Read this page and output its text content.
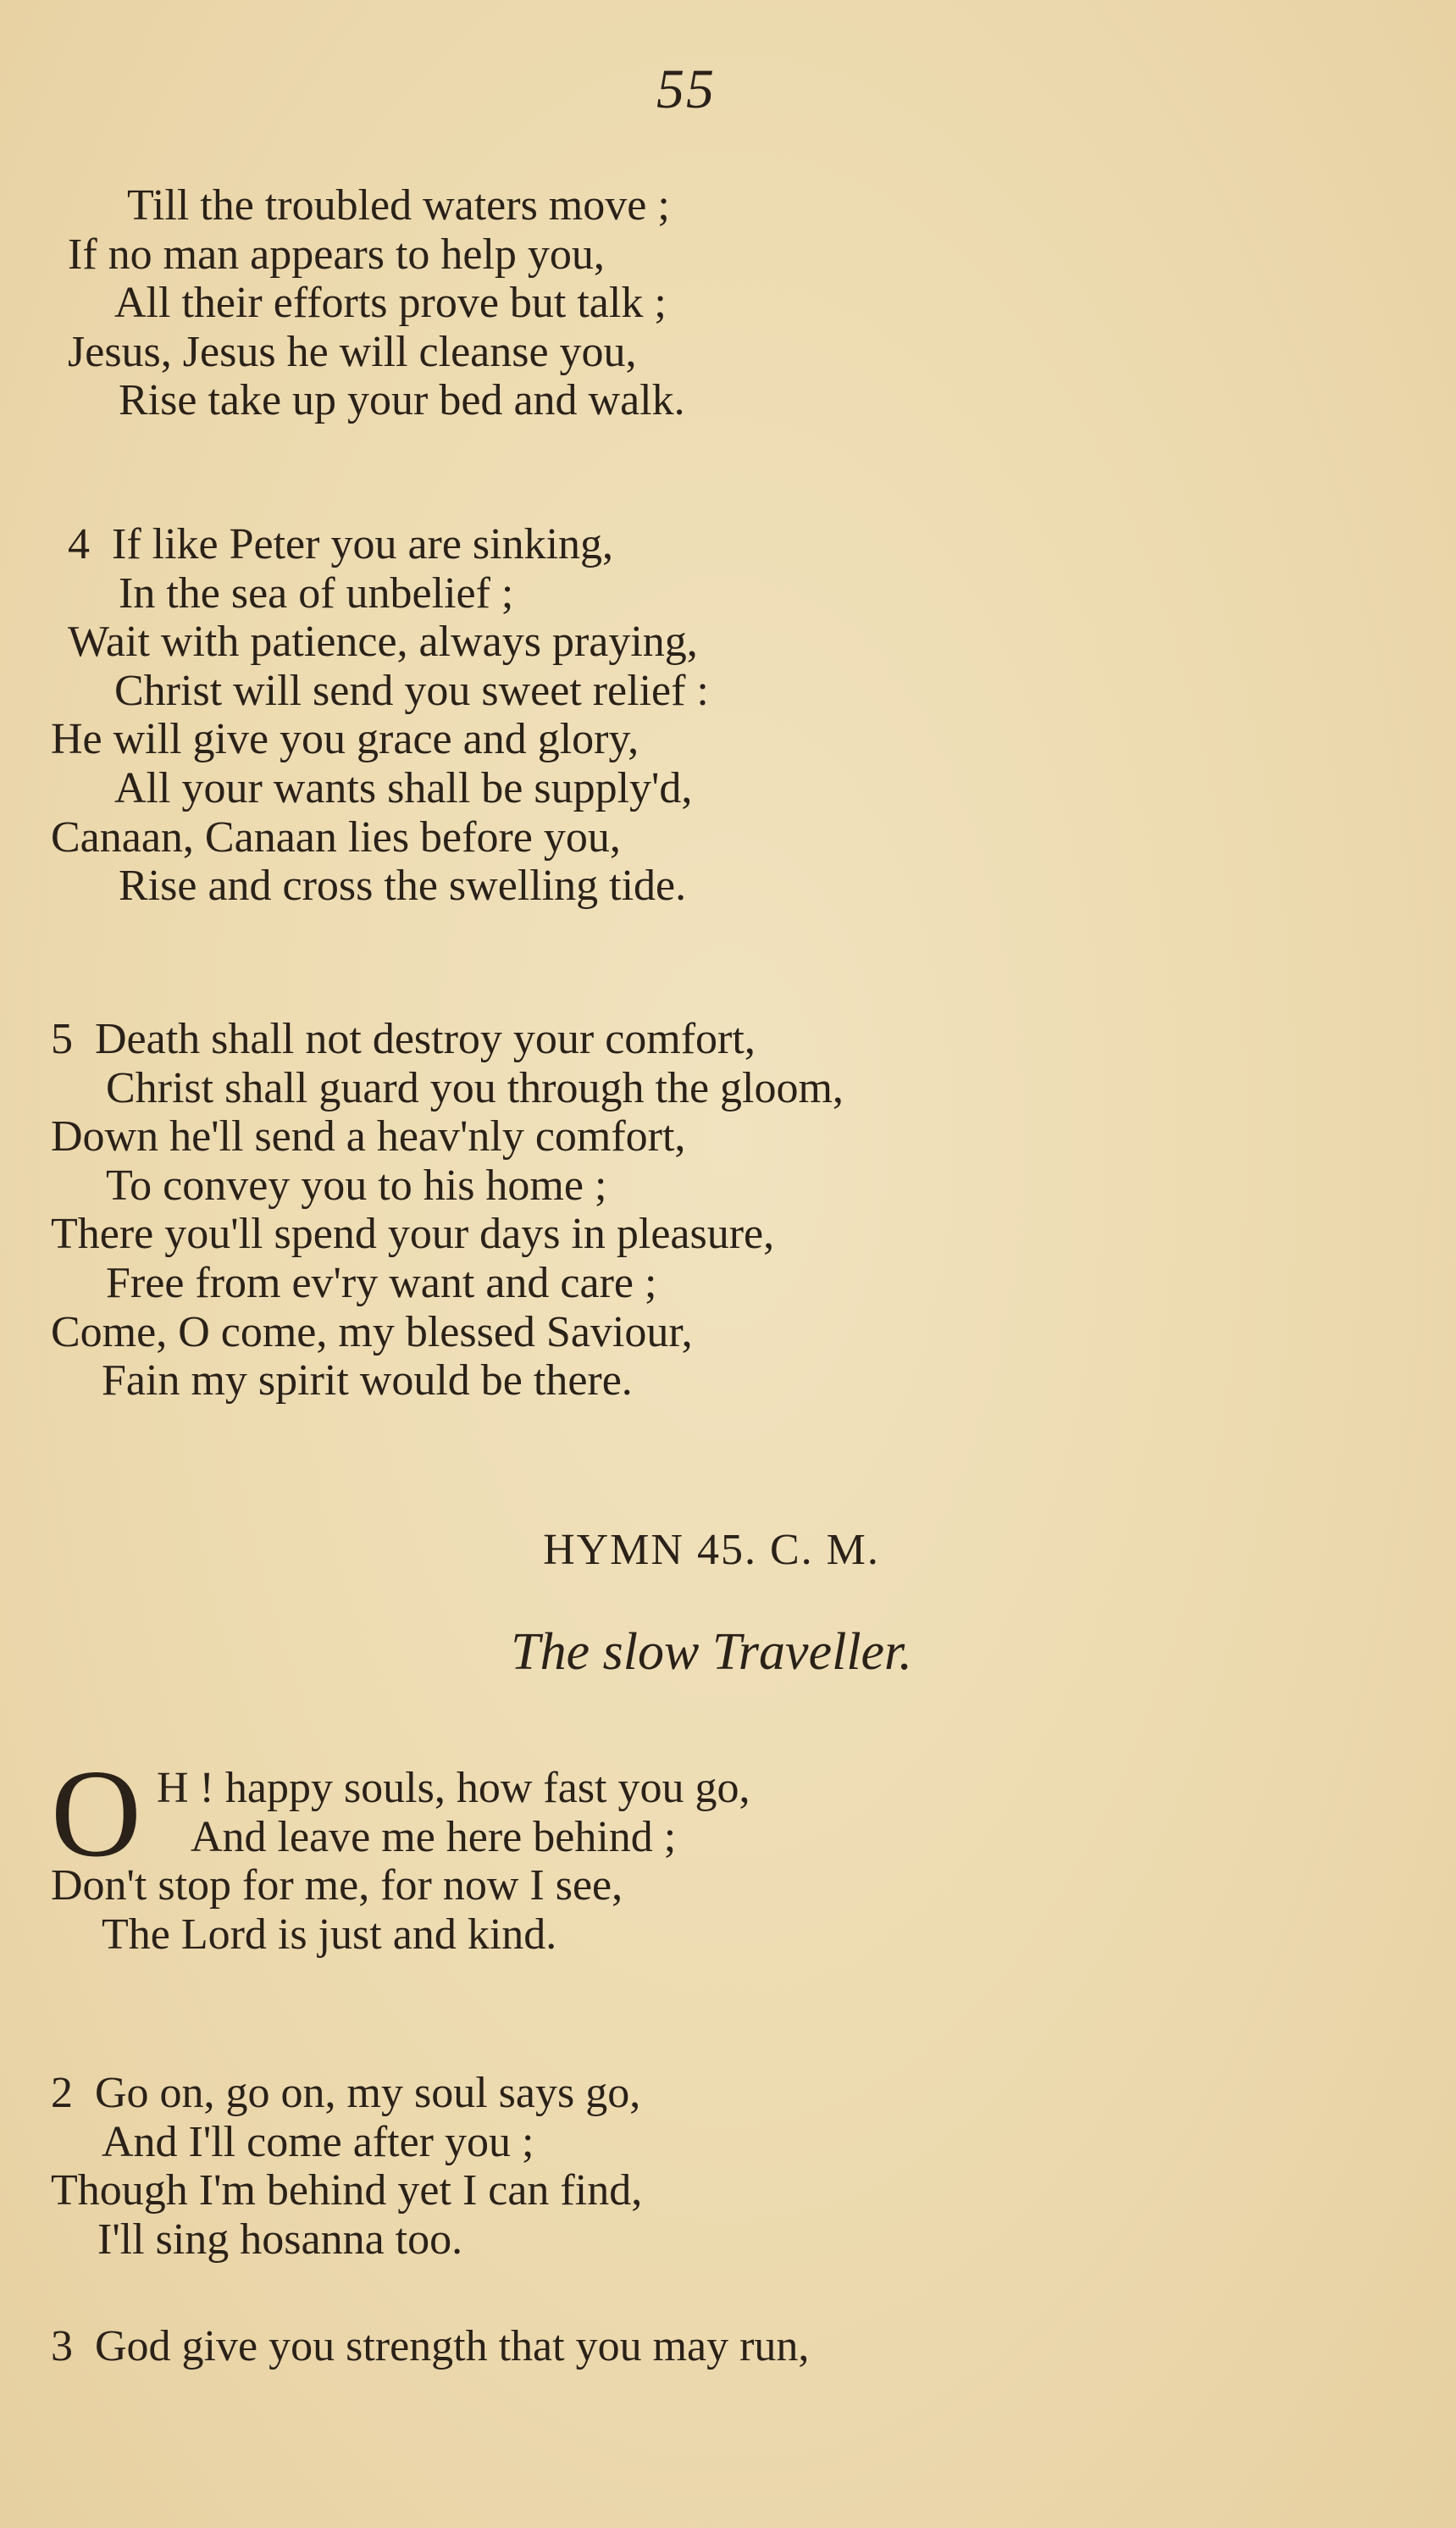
55
Till the troubled waters move ;
If no man appears to help you,
All their efforts prove but talk ;
Jesus, Jesus he will cleanse you,
Rise take up your bed and walk.
4 If like Peter you are sinking,
In the sea of unbelief ;
Wait with patience, always praying,
Christ will send you sweet relief :
He will give you grace and glory,
All your wants shall be supply'd,
Canaan, Canaan lies before you,
Rise and cross the swelling tide.
5 Death shall not destroy your comfort,
Christ shall guard you through the gloom,
Down he'll send a heav'nly comfort,
To convey you to his home ;
There you'll spend your days in pleasure,
Free from ev'ry want and care ;
Come, O come, my blessed Saviour,
Fain my spirit would be there.
HYMN 45. C. M.
The slow Traveller.
O H ! happy souls, how fast you go,
And leave me here behind ;
Don't stop for me, for now I see,
The Lord is just and kind.
2 Go on, go on, my soul says go,
And I'll come after you ;
Though I'm behind yet I can find,
I'll sing hosanna too.
3 God give you strength that you may run,
